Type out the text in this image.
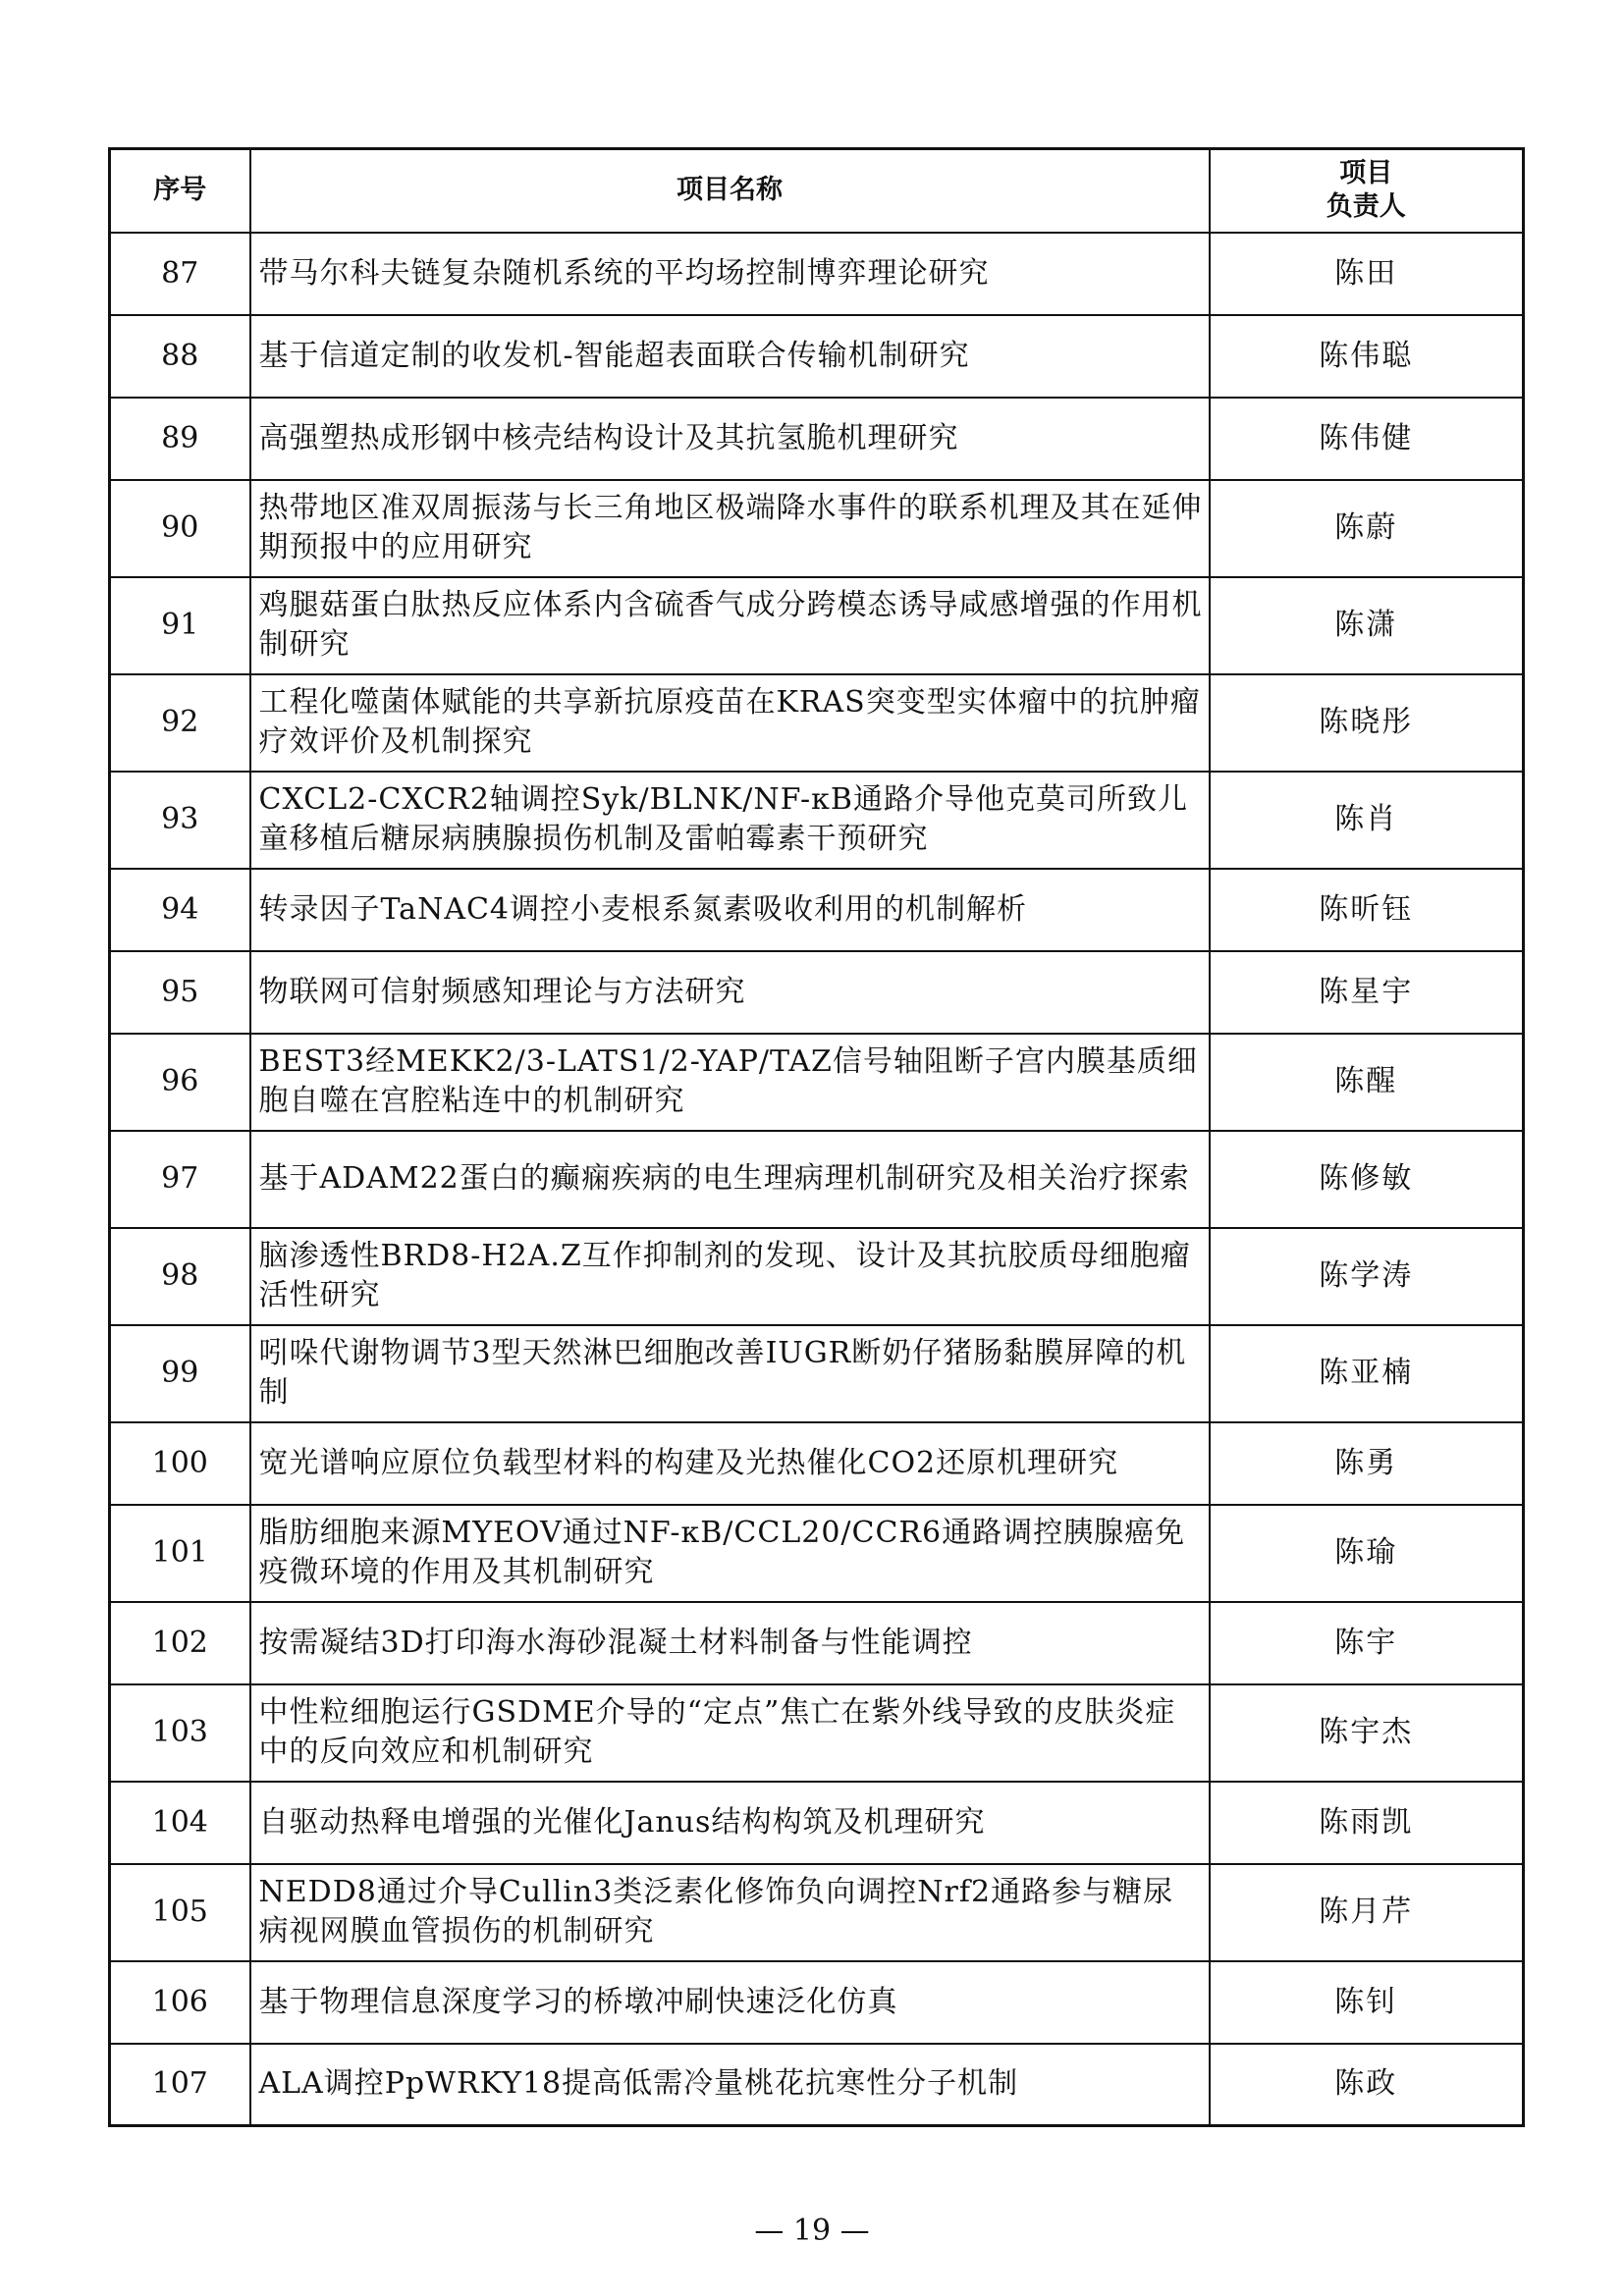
序号	项目名称	项目
负责人

87	带马尔科夫链复杂随机系统的平均场控制博弈理论研究	陈田
88	基于信道定制的收发机-智能超表面联合传输机制研究	陈伟聪
89	高强塑热成形钢中核壳结构设计及其抗氢脆机理研究	陈伟健
90	热带地区准双周振荡与长三角地区极端降水事件的联系机理及其在延伸期预报中的应用研究	陈蔚
91	鸡腿菇蛋白肽热反应体系内含硫香气成分跨模态诱导咸感增强的作用机制研究	陈潇
92	工程化噬菌体赋能的共享新抗原疫苗在KRAS突变型实体瘤中的抗肿瘤疗效评价及机制探究	陈晓彤
93	CXCL2-CXCR2轴调控Syk/BLNK/NF-κB通路介导他克莫司所致儿童移植后糖尿病胰腺损伤机制及雷帕霉素干预研究	陈肖
94	转录因子TaNAC4调控小麦根系氮素吸收利用的机制解析	陈昕钰
95	物联网可信射频感知理论与方法研究	陈星宇
96	BEST3经MEKK2/3-LATS1/2-YAP/TAZ信号轴阻断子宫内膜基质细胞自噬在宫腔粘连中的机制研究	陈醒
97	基于ADAM22蛋白的癫痫疾病的电生理病理机制研究及相关治疗探索	陈修敏
98	脑渗透性BRD8-H2A.Z互作抑制剂的发现、设计及其抗胶质母细胞瘤活性研究	陈学涛
99	吲哚代谢物调节3型天然淋巴细胞改善IUGR断奶仔猪肠黏膜屏障的机制	陈亚楠
100	宽光谱响应原位负载型材料的构建及光热催化CO2还原机理研究	陈勇
101	脂肪细胞来源MYEOV通过NF-κB/CCL20/CCR6通路调控胰腺癌免疫微环境的作用及其机制研究	陈瑜
102	按需凝结3D打印海水海砂混凝土材料制备与性能调控	陈宇
103	中性粒细胞运行GSDME介导的“定点”焦亡在紫外线导致的皮肤炎症中的反向效应和机制研究	陈宇杰
104	自驱动热释电增强的光催化Janus结构构筑及机理研究	陈雨凯
105	NEDD8通过介导Cullin3类泛素化修饰负向调控Nrf2通路参与糖尿病视网膜血管损伤的机制研究	陈月芹
106	基于物理信息深度学习的桥墩冲刷快速泛化仿真	陈钊
107	ALA调控PpWRKY18提高低需冷量桃花抗寒性分子机制	陈政
— 19 —
